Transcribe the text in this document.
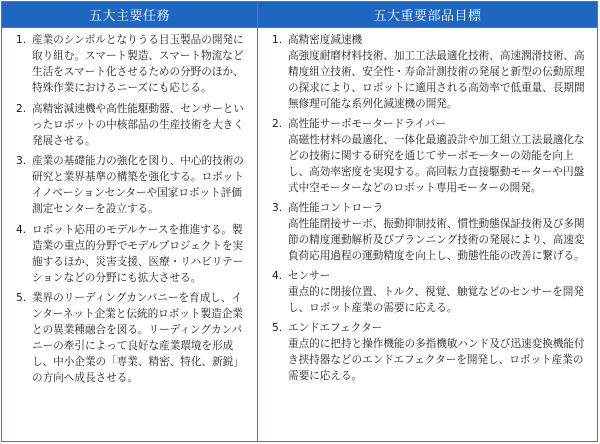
五大主要任務
1. 産業のシンボルとなりうる目玉製品の開発に取り組む。スマート製造、スマート物流など生活をスマート化させるための分野のほか、特殊作業におけるニーズにも応じる。
2. 高精密減速機や高性能駆動器、センサーといったロボットの中核部品の生産技術を大きく発展させる。
3. 産業の基礎能力の強化を図り、中心的技術の研究と業界基準の構築を強化する。ロボットイノベーションセンターや国家ロボット評価測定センターを設立する。
4. ロボット応用のモデルケースを推進する。製造業の重点的分野でモデルプロジェクトを実施するほか、災害支援、医療・リハビリテーションなどの分野にも拡大させる。
5. 業界のリーディングカンパニーを育成し、インターネット企業と伝統的ロボット製造企業との異業種融合を図る。リーディングカンパニーの牽引によって良好な産業環境を形成し、中小企業の「専業、精密、特化、新鋭」の方向へ成長させる。
五大重要部品目標
1. 高精密度減速機
高強度耐磨材料技術、加工工法最適化技術、高速潤滑技術、高精度組立技術、安全性・寿命計測技術の発展と新型の伝動原理の探求により、ロボットに適用される高効率で低重量、長期間無修理可能な系列化減速機の開発。
2. 高性能サーボモータードライバー
高磁性材料の最適化、一体化最適設計や加工組立工法最適化などの技術に関する研究を通じてサーボモーターの効能を向上し、高効率密度を実現する。高回転力直接駆動モーターや円盤式中空モーターなどのロボット専用モーターの開発。
3. 高性能コントローラ
高性能閉接サーボ、振動抑制技術、慣性動態保証技術及び多関節の精度運動解析及びプランニング技術の発展により、高速変負荷応用過程の運動精度を向上し、動態性能の改善に繋げる。
4. センサー
重点的に閉接位置、トルク、視覚、触覚などのセンサーを開発し、ロボット産業の需要に応える。
5. エンドエフェクター
重点的に把持と操作機能の多指機敏ハンド及び迅速変換機能付き挟持器などのエンドエフェクターを開発し、ロボット産業の需要に応える。
